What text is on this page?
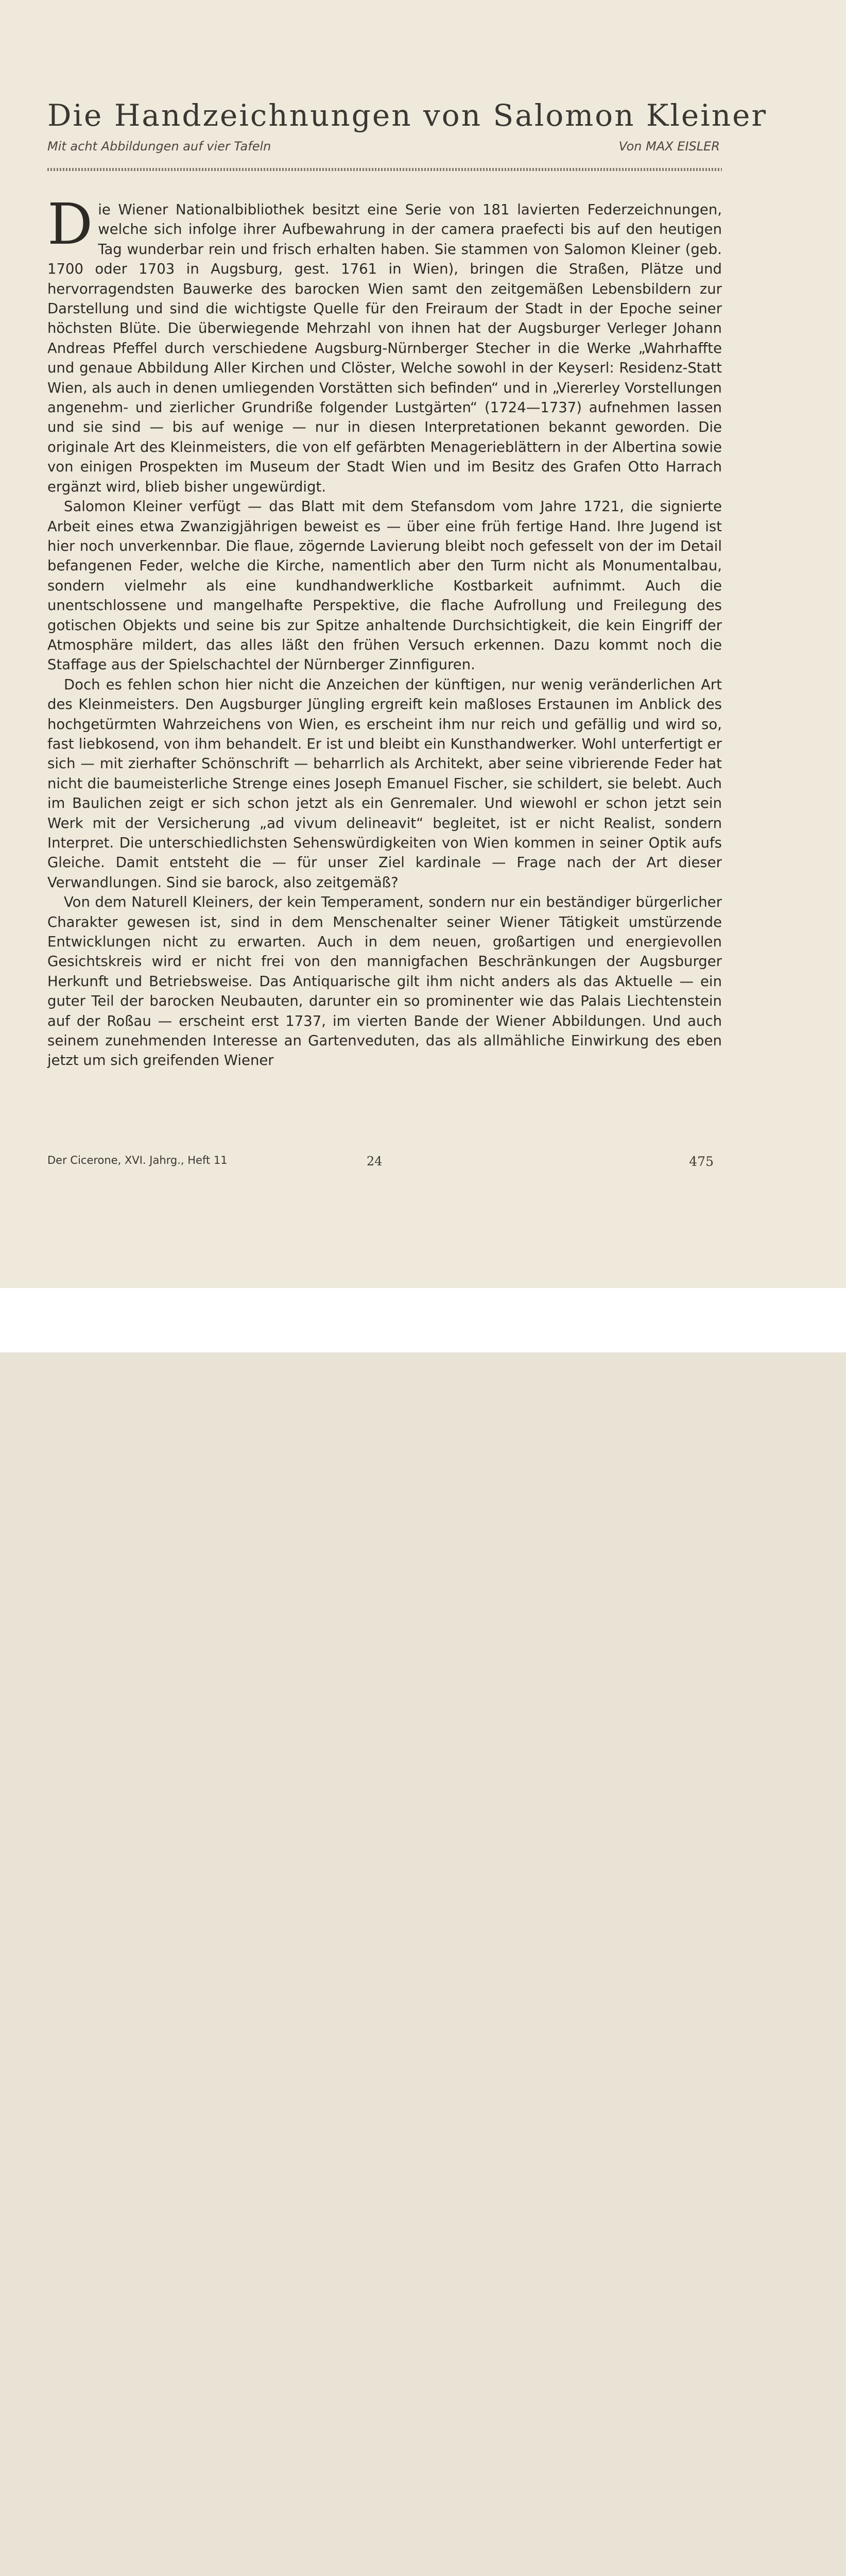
Die Handzeichnungen von Salomon Kleiner
Mit acht Abbildungen auf vier Tafeln	Von MAX EISLER

Die Wiener Nationalbibliothek besitzt eine Serie von 181 lavierten Federzeichnungen, welche sich infolge ihrer Aufbewahrung in der camera praefecti bis auf den heutigen Tag wunderbar rein und frisch erhalten haben. Sie stammen von Salomon Kleiner (geb. 1700 oder 1703 in Augsburg, gest. 1761 in Wien), bringen die Straßen, Plätze und hervorragendsten Bauwerke des barocken Wien samt den zeitgemäßen Lebensbildern zur Darstellung und sind die wichtigste Quelle für den Freiraum der Stadt in der Epoche seiner höchsten Blüte. Die überwiegende Mehrzahl von ihnen hat der Augsburger Verleger Johann Andreas Pfeffel durch verschiedene Augsburg-Nürnberger Stecher in die Werke „Wahrhaffte und genaue Abbildung Aller Kirchen und Clöster, Welche sowohl in der Keyserl: Residenz-Statt Wien, als auch in denen umliegenden Vorstätten sich befinden“ und in „Viererley Vorstellungen angenehm- und zierlicher Grundriße folgender Lustgärten“ (1724—1737) aufnehmen lassen und sie sind — bis auf wenige — nur in diesen Interpretationen bekannt geworden. Die originale Art des Kleinmeisters, die von elf gefärbten Menagerieblättern in der Albertina sowie von einigen Prospekten im Museum der Stadt Wien und im Besitz des Grafen Otto Harrach ergänzt wird, blieb bisher ungewürdigt.

Salomon Kleiner verfügt — das Blatt mit dem Stefansdom vom Jahre 1721, die signierte Arbeit eines etwa Zwanzigjährigen beweist es — über eine früh fertige Hand. Ihre Jugend ist hier noch unverkennbar. Die flaue, zögernde Lavierung bleibt noch gefesselt von der im Detail befangenen Feder, welche die Kirche, namentlich aber den Turm nicht als Monumentalbau, sondern vielmehr als eine kundhandwerkliche Kostbarkeit aufnimmt. Auch die unentschlossene und mangelhafte Perspektive, die flache Aufrollung und Freilegung des gotischen Objekts und seine bis zur Spitze anhaltende Durchsichtigkeit, die kein Eingriff der Atmosphäre mildert, das alles läßt den frühen Versuch erkennen. Dazu kommt noch die Staffage aus der Spielschachtel der Nürnberger Zinnfiguren.

Doch es fehlen schon hier nicht die Anzeichen der künftigen, nur wenig veränderlichen Art des Kleinmeisters. Den Augsburger Jüngling ergreift kein maßloses Erstaunen im Anblick des hochgetürmten Wahrzeichens von Wien, es erscheint ihm nur reich und gefällig und wird so, fast liebkosend, von ihm behandelt. Er ist und bleibt ein Kunsthandwerker. Wohl unterfertigt er sich — mit zierhafter Schönschrift — beharrlich als Architekt, aber seine vibrierende Feder hat nicht die baumeisterliche Strenge eines Joseph Emanuel Fischer, sie schildert, sie belebt. Auch im Baulichen zeigt er sich schon jetzt als ein Genremaler. Und wiewohl er schon jetzt sein Werk mit der Versicherung „ad vivum delineavit“ begleitet, ist er nicht Realist, sondern Interpret. Die unterschiedlichsten Sehenswürdigkeiten von Wien kommen in seiner Optik aufs Gleiche. Damit entsteht die — für unser Ziel kardinale — Frage nach der Art dieser Verwandlungen. Sind sie barock, also zeitgemäß?

Von dem Naturell Kleiners, der kein Temperament, sondern nur ein beständiger bürgerlicher Charakter gewesen ist, sind in dem Menschenalter seiner Wiener Tätigkeit umstürzende Entwicklungen nicht zu erwarten. Auch in dem neuen, großartigen und energievollen Gesichtskreis wird er nicht frei von den mannigfachen Beschränkungen der Augsburger Herkunft und Betriebsweise. Das Antiquarische gilt ihm nicht anders als das Aktuelle — ein guter Teil der barocken Neubauten, darunter ein so prominenter wie das Palais Liechtenstein auf der Roßau — erscheint erst 1737, im vierten Bande der Wiener Abbildungen. Und auch seinem zunehmenden Interesse an Gartenveduten, das als allmähliche Einwirkung des eben jetzt um sich greifenden Wiener

Der Cicerone, XVI. Jahrg., Heft 11	24	475
